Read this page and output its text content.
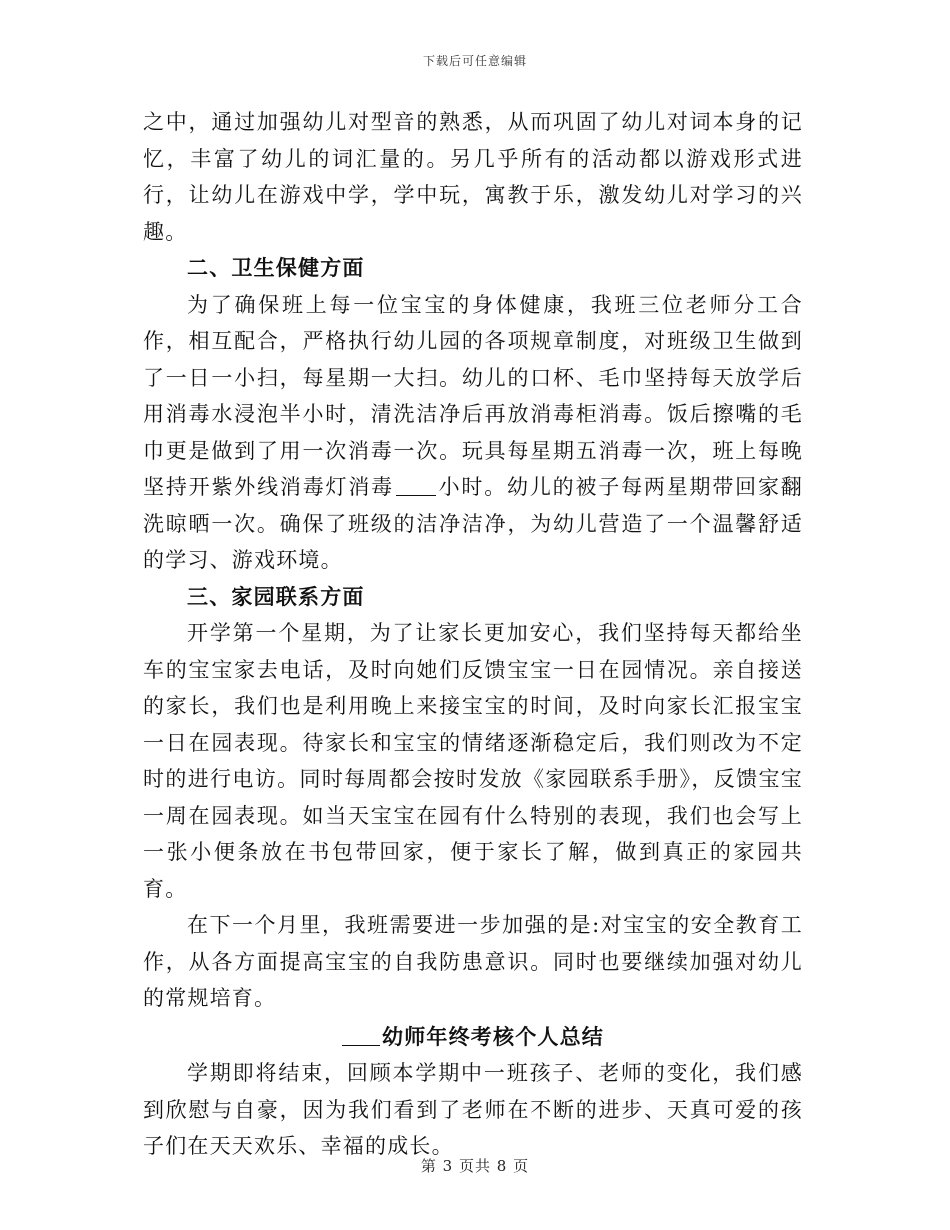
下载后可任意编辑

之中，通过加强幼儿对型音的熟悉，从而巩固了幼儿对词本身的记忆，丰富了幼儿的词汇量的。另几乎所有的活动都以游戏形式进行，让幼儿在游戏中学，学中玩，寓教于乐，激发幼儿对学习的兴趣。

二、卫生保健方面

为了确保班上每一位宝宝的身体健康，我班三位老师分工合作，相互配合，严格执行幼儿园的各项规章制度，对班级卫生做到了一日一小扫，每星期一大扫。幼儿的口杯、毛巾坚持每天放学后用消毒水浸泡半小时，清洗洁净后再放消毒柜消毒。饭后擦嘴的毛巾更是做到了用一次消毒一次。玩具每星期五消毒一次，班上每晚坚持开紫外线消毒灯消毒 小时。幼儿的被子每两星期带回家翻洗晾晒一次。确保了班级的洁净洁净，为幼儿营造了一个温馨舒适的学习、游戏环境。

三、家园联系方面

开学第一个星期，为了让家长更加安心，我们坚持每天都给坐车的宝宝家去电话，及时向她们反馈宝宝一日在园情况。亲自接送的家长，我们也是利用晚上来接宝宝的时间，及时向家长汇报宝宝一日在园表现。待家长和宝宝的情绪逐渐稳定后，我们则改为不定时的进行电访。同时每周都会按时发放《家园联系手册》，反馈宝宝一周在园表现。如当天宝宝在园有什么特别的表现，我们也会写上一张小便条放在书包带回家，便于家长了解，做到真正的家园共育。

在下一个月里，我班需要进一步加强的是:对宝宝的安全教育工作，从各方面提高宝宝的自我防患意识。同时也要继续加强对幼儿的常规培育。

幼师年终考核个人总结

学期即将结束，回顾本学期中一班孩子、老师的变化，我们感到欣慰与自豪，因为我们看到了老师在不断的进步、天真可爱的孩子们在天天欢乐、幸福的成长。

第 3 页共 8 页
